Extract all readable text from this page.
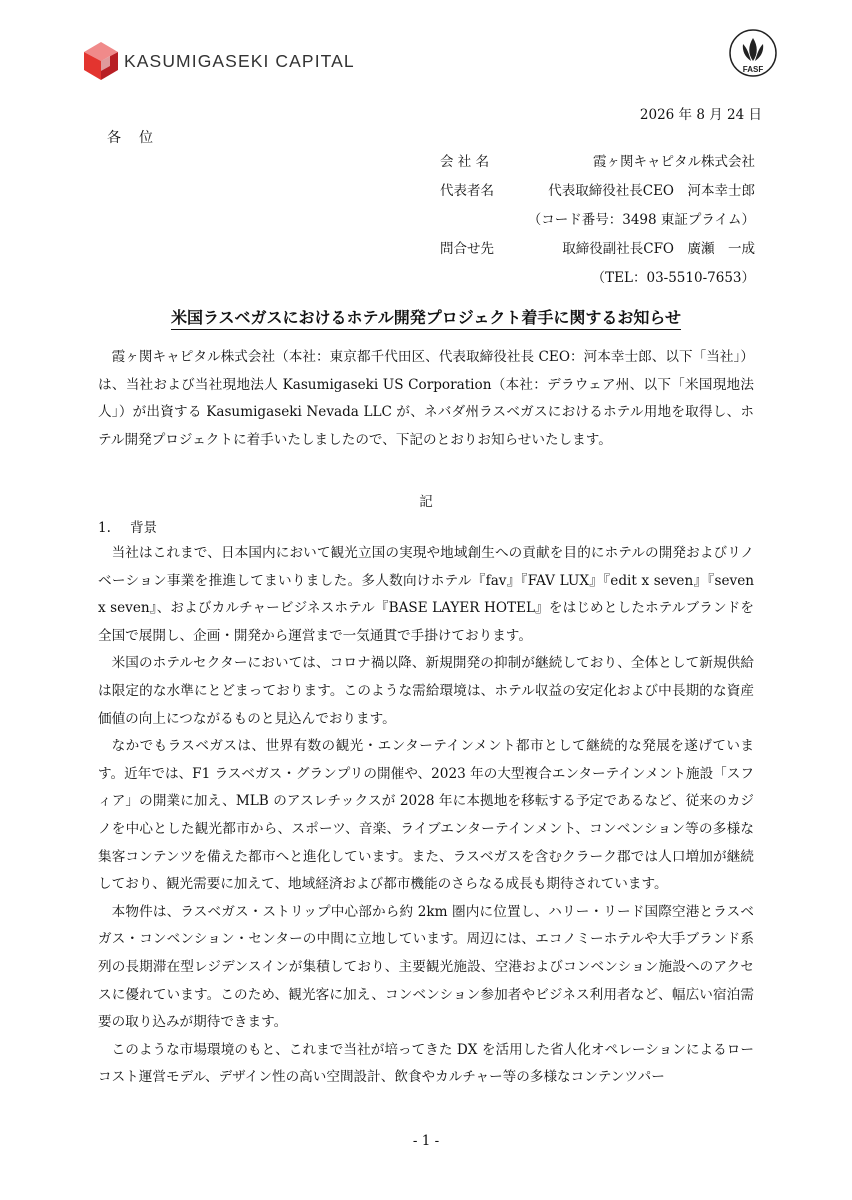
KASUMIGASEKI CAPITAL	FASF
2026 年 8 月 24 日
各位
会 社 名	霞ヶ関キャピタル株式会社
代表者名	代表取締役社長CEO　河本幸士郎
（コード番号：3498 東証プライム）
問合せ先	取締役副社長CFO　廣瀬　一成
（TEL：03-5510-7653）
米国ラスベガスにおけるホテル開発プロジェクト着手に関するお知らせ

霞ヶ関キャピタル株式会社（本社：東京都千代田区、代表取締役社長 CEO：河本幸士郎、以下「当社」）は、当社および当社現地法人 Kasumigaseki US Corporation（本社：デラウェア州、以下「米国現地法人」）が出資する Kasumigaseki Nevada LLC が、ネバダ州ラスベガスにおけるホテル用地を取得し、ホテル開発プロジェクトに着手いたしましたので、下記のとおりお知らせいたします。

記
1. 背景

当社はこれまで、日本国内において観光立国の実現や地域創生への貢献を目的にホテルの開発およびリノベーション事業を推進してまいりました。多人数向けホテル『fav』『FAV LUX』『edit x seven』『seven x seven』、およびカルチャービジネスホテル『BASE LAYER HOTEL』をはじめとしたホテルブランドを全国で展開し、企画・開発から運営まで一気通貫で手掛けております。

米国のホテルセクターにおいては、コロナ禍以降、新規開発の抑制が継続しており、全体として新規供給は限定的な水準にとどまっております。このような需給環境は、ホテル収益の安定化および中長期的な資産価値の向上につながるものと見込んでおります。

なかでもラスベガスは、世界有数の観光・エンターテインメント都市として継続的な発展を遂げています。近年では、F1 ラスベガス・グランプリの開催や、2023 年の大型複合エンターテインメント施設「スフィア」の開業に加え、MLB のアスレチックスが 2028 年に本拠地を移転する予定であるなど、従来のカジノを中心とした観光都市から、スポーツ、音楽、ライブエンターテインメント、コンベンション等の多様な集客コンテンツを備えた都市へと進化しています。また、ラスベガスを含むクラーク郡では人口増加が継続しており、観光需要に加えて、地域経済および都市機能のさらなる成長も期待されています。

本物件は、ラスベガス・ストリップ中心部から約 2km 圏内に位置し、ハリー・リード国際空港とラスベガス・コンベンション・センターの中間に立地しています。周辺には、エコノミーホテルや大手ブランド系列の長期滞在型レジデンスインが集積しており、主要観光施設、空港およびコンベンション施設へのアクセスに優れています。このため、観光客に加え、コンベンション参加者やビジネス利用者など、幅広い宿泊需要の取り込みが期待できます。

このような市場環境のもと、これまで当社が培ってきた DX を活用した省人化オペレーションによるローコスト運営モデル、デザイン性の高い空間設計、飲食やカルチャー等の多様なコンテンツパー

- 1 -
